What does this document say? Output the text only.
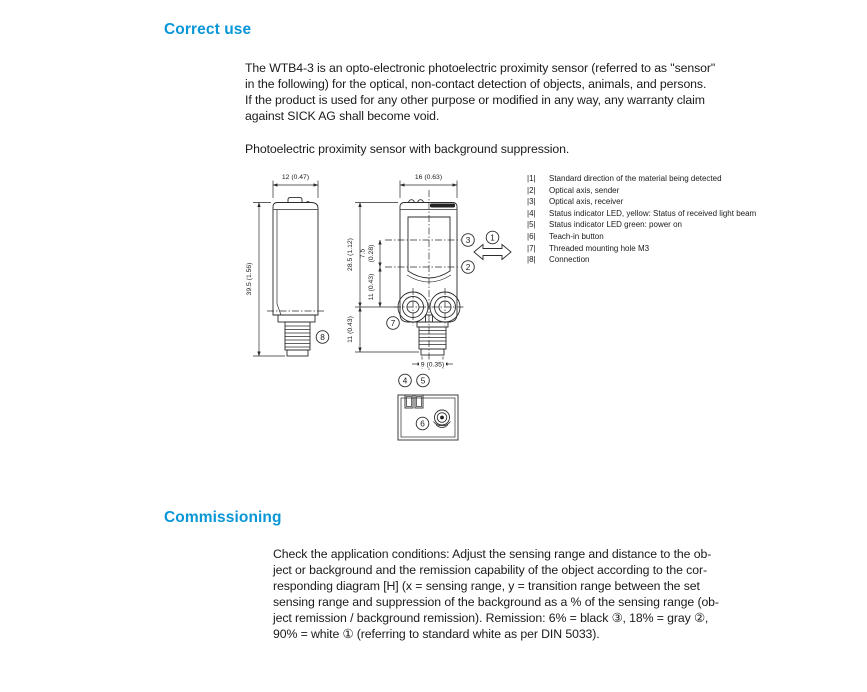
Correct use
The WTB4-3 is an opto-electronic photoelectric proximity sensor (referred to as "sensor"
in the following) for the optical, non-contact detection of objects, animals, and persons.
If the product is used for any other purpose or modified in any way, any warranty claim
against SICK AG shall become void.
Photoelectric proximity sensor with background suppression.
12 (0.47)
8
39.5 (1.56)
16 (0.63)
3
2
1
7
9 (0.35)
28.5 (1.12)
11 (0.43)
7.5 (0.28)
11 (0.43)
4 5
6
|1|	Standard direction of the material being detected
|2|	Optical axis, sender
|3|	Optical axis, receiver
|4|	Status indicator LED, yellow: Status of received light beam
|5|	Status indicator LED green: power on
|6|	Teach-in button
|7|	Threaded mounting hole M3
|8|	Connection
Commissioning
Check the application conditions: Adjust the sensing range and distance to the ob-
ject or background and the remission capability of the object according to the cor-
responding diagram [H] (x = sensing range, y = transition range between the set
sensing range and suppression of the background as a % of the sensing range (ob-
ject remission / background remission). Remission: 6% = black ③, 18% = gray ②,
90% = white ① (referring to standard white as per DIN 5033).
